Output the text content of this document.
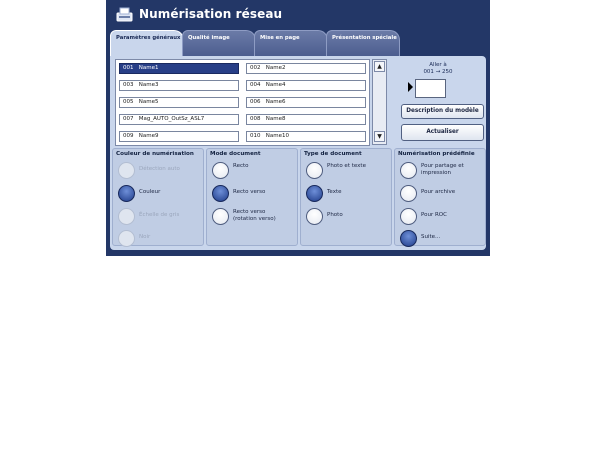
Numérisation réseau
Paramètres généraux	Qualité image	Mise en page	Présentation spéciale
001 Name1	002 Name2
003 Name3	004 Name4
005 Name5	006 Name6
007 Mag_AUTO_OutSz_ASL7	008 Name8
009 Name9	010 Name10
▲
▼
Aller à
001 → 250
Description du modèle
Actualiser
Couleur de numérisation
Détection auto
Couleur
Échelle de gris
Noir
Mode document
Recto
Recto verso
Recto verso (rotation verso)
Type de document
Photo et texte
Texte
Photo
Numérisation prédéfinie
Pour partage et impression
Pour archive
Pour ROC
Suite...
